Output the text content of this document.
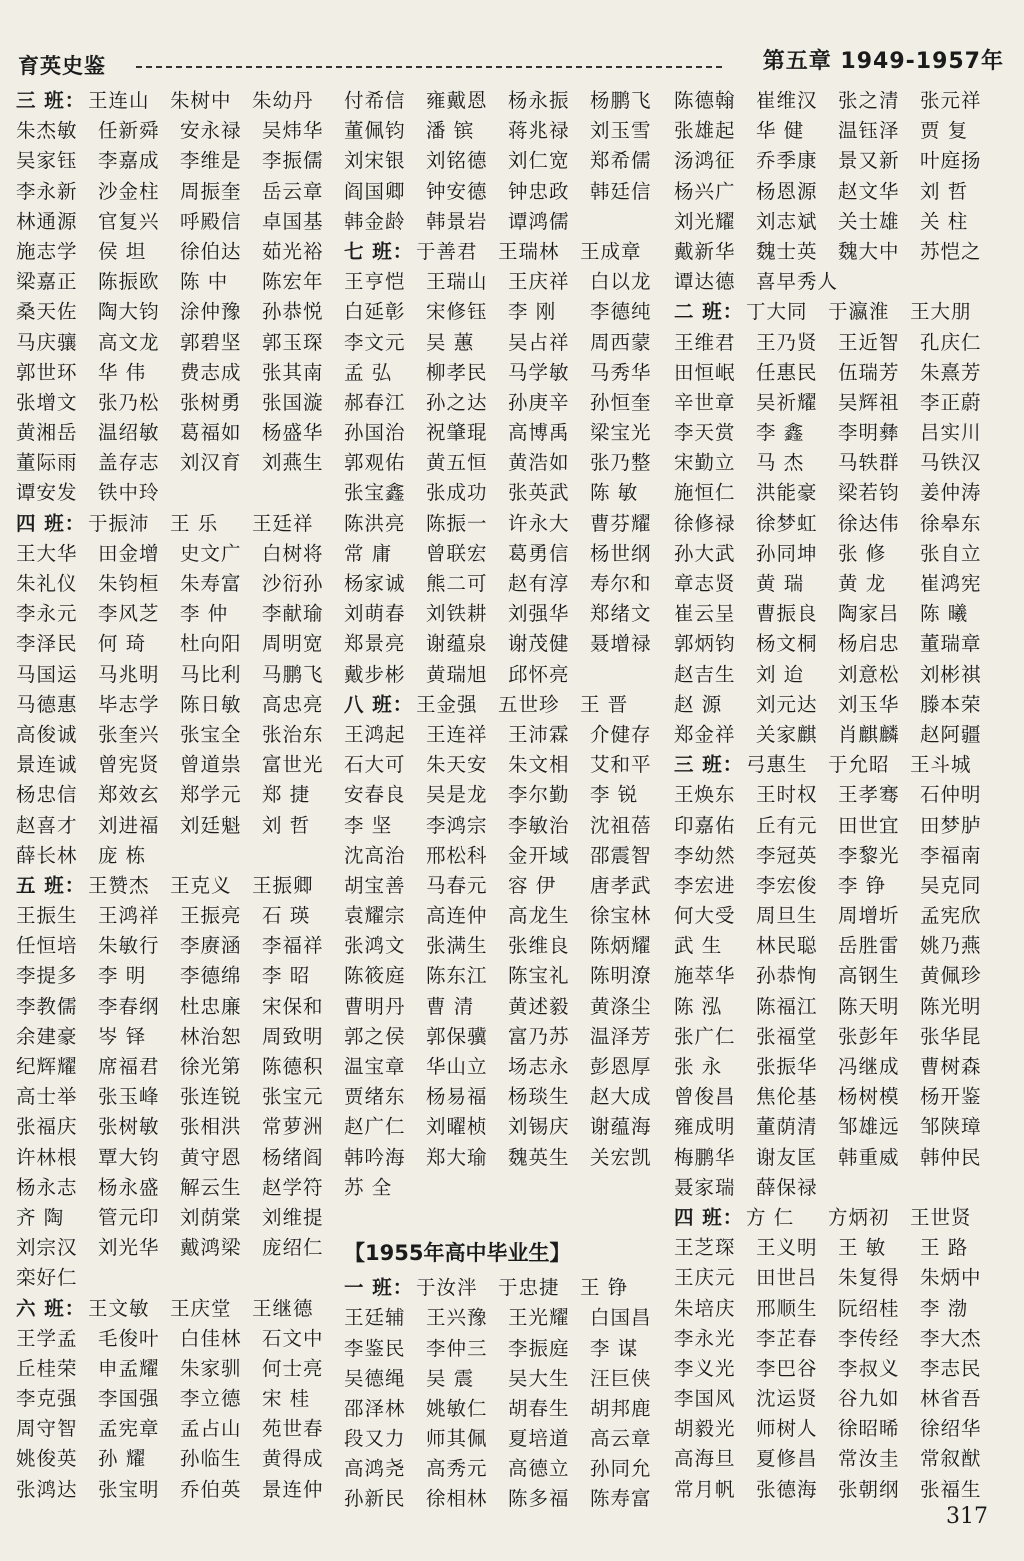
育英史鉴	第五章 1949-1957年
三 班： 王连山 朱树中 朱幼丹
朱杰敏 任新舜 安永禄 吴炜华
吴家钰 李嘉成 李维是 李振儒
李永新 沙金柱 周振奎 岳云章
林通源 官复兴 呼殿信 卓国基
施志学 侯 坦 徐伯达 茹光裕
梁嘉正 陈振欧 陈 中 陈宏年
桑天佐 陶大钧 涂仲豫 孙恭悦
马庆骧 高文龙 郭碧坚 郭玉琛
郭世环 华 伟 费志成 张其南
张增文 张乃松 张树勇 张国漩
黄湘岳 温绍敏 葛福如 杨盛华
董际雨 盖存志 刘汉育 刘燕生
谭安发 铁中玲
四 班： 于振沛 王 乐 王廷祥
王大华 田金增 史文广 白树将
朱礼仪 朱钧桓 朱寿富 沙衍孙
李永元 李风芝 李 仲 李献瑜
李泽民 何 琦 杜向阳 周明宽
马国运 马兆明 马比利 马鹏飞
马德惠 毕志学 陈日敏 高忠亮
高俊诚 张奎兴 张宝全 张治东
景连诚 曾宪贤 曾道祟 富世光
杨忠信 郑效玄 郑学元 郑 捷
赵喜才 刘进福 刘廷魁 刘 哲
薛长林 庞 栋
五 班： 王赞杰 王克义 王振卿
王振生 王鸿祥 王振亮 石 瑛
任恒培 朱敏行 李赓涵 李福祥
李提多 李 明 李德绵 李 昭
李教儒 李春纲 杜忠廉 宋保和
余建豪 岑 铎 林治恕 周致明
纪辉耀 席福君 徐光第 陈德积
高士举 张玉峰 张连锐 张宝元
张福庆 张树敏 张相洪 常萝洲
许林根 覃大钧 黄守恩 杨绪阎
杨永志 杨永盛 解云生 赵学符
齐 陶 管元印 刘荫棠 刘维提
刘宗汉 刘光华 戴鸿梁 庞绍仁
栾好仁
六 班： 王文敏 王庆堂 王继德
王学孟 毛俊叶 白佳林 石文中
丘桂荣 申孟耀 朱家驯 何士亮
李克强 李国强 李立德 宋 桂
周守智 孟宪章 孟占山 苑世春
姚俊英 孙 耀 孙临生 黄得成
张鸿达 张宝明 乔伯英 景连仲
付希信 雍戴恩 杨永振 杨鹏飞
董佩钧 潘 镔 蒋兆禄 刘玉雪
刘宋银 刘铭德 刘仁宽 郑希儒
阎国卿 钟安德 钟忠政 韩廷信
韩金龄 韩景岩 谭鸿儒
七 班： 于善君 王瑞林 王成章
王亨恺 王瑞山 王庆祥 白以龙
白延彰 宋修钰 李 刚 李德纯
李文元 吴 蕙 吴占祥 周西蒙
孟 弘 柳孝民 马学敏 马秀华
郝春江 孙之达 孙庚辛 孙恒奎
孙国治 祝肇琨 高博禹 梁宝光
郭观佑 黄五恒 黄浩如 张乃整
张宝鑫 张成功 张英武 陈 敏
陈洪亮 陈振一 许永大 曹芬耀
常 庸 曾联宏 葛勇信 杨世纲
杨家诚 熊二可 赵有淳 寿尔和
刘萌春 刘铁耕 刘强华 郑绪文
郑景亮 谢蕴泉 谢茂健 聂增禄
戴步彬 黄瑞旭 邱怀亮
八 班： 王金强 五世珍 王 晋
王鸿起 王连祥 王沛霖 介健存
石大可 朱天安 朱文相 艾和平
安春良 吴是龙 李尔勤 李 锐
李 坚 李鸿宗 李敏治 沈祖蓓
沈高治 邢松科 金开域 邵震智
胡宝善 马春元 容 伊 唐孝武
袁耀宗 高连仲 高龙生 徐宝林
张鸿文 张满生 张维良 陈炳耀
陈筱庭 陈东江 陈宝礼 陈明潦
曹明丹 曹 清 黄述毅 黄涤尘
郭之侯 郭保骥 富乃苏 温泽芳
温宝章 华山立 场志永 彭恩厚
贾绪东 杨易福 杨琰生 赵大成
赵广仁 刘曜桢 刘锡庆 谢蕴海
韩吟海 郑大瑜 魏英生 关宏凯
苏 全
【1955年高中毕业生】
一 班： 于汝泮 于忠捷 王 铮
王廷辅 王兴豫 王光耀 白国昌
李鉴民 李仲三 李振庭 李 谋
吴德绳 吴 震 吴大生 汪巨侠
邵泽林 姚敏仁 胡春生 胡邦鹿
段又力 师其佩 夏培道 高云章
高鸿尧 高秀元 高德立 孙同允
孙新民 徐相林 陈多福 陈寿富
陈德翰 崔维汉 张之清 张元祥
张雄起 华 健 温钰泽 贾 复
汤鸿征 乔季康 景又新 叶庭扬
杨兴广 杨恩源 赵文华 刘 哲
刘光耀 刘志斌 关士雄 关 柱
戴新华 魏士英 魏大中 苏恺之
谭达德 喜早秀人
二 班： 丁大同 于瀛淮 王大朋
王维君 王乃贤 王近智 孔庆仁
田恒岷 任惠民 伍瑞芳 朱熹芳
辛世章 吴祈耀 吴辉祖 李正蔚
李天赏 李 鑫 李明彝 吕实川
宋勤立 马 杰 马轶群 马铁汉
施恒仁 洪能豪 梁若钧 姜仲涛
徐修禄 徐梦虹 徐达伟 徐皋东
孙大武 孙同坤 张 修 张自立
章志贤 黄 瑞 黄 龙 崔鸿宪
崔云呈 曹振良 陶家吕 陈 曦
郭炳钧 杨文桐 杨启忠 董瑞章
赵吉生 刘 迨 刘意松 刘彬祺
赵 源 刘元达 刘玉华 滕本荣
郑金祥 关家麒 肖麒麟 赵阿疆
三 班： 弓惠生 于允昭 王斗城
王焕东 王时权 王孝骞 石仲明
印嘉佑 丘有元 田世宜 田梦胪
李幼然 李冠英 李黎光 李福南
李宏进 李宏俊 李 铮 吴克同
何大受 周旦生 周增圻 孟宪欣
武 生 林民聪 岳胜雷 姚乃燕
施萃华 孙恭恂 高钢生 黄佩珍
陈 泓 陈福江 陈天明 陈光明
张广仁 张福堂 张彭年 张华昆
张 永 张振华 冯继成 曹树森
曾俊昌 焦伦基 杨树模 杨开鉴
雍成明 董荫清 邹雄远 邹陕璋
梅鹏华 谢友匡 韩重威 韩仲民
聂家瑞 薛保禄
四 班： 方 仁 方炳初 王世贤
王芝琛 王义明 王 敏 王 路
王庆元 田世吕 朱复得 朱炳中
朱培庆 邢顺生 阮绍桂 李 渤
李永光 李芷春 李传经 李大杰
李义光 李巴谷 李叔义 李志民
李国风 沈运贤 谷九如 林省吾
胡毅光 师树人 徐昭晞 徐绍华
高海旦 夏修昌 常汝圭 常叙猷
常月帆 张德海 张朝纲 张福生
317
